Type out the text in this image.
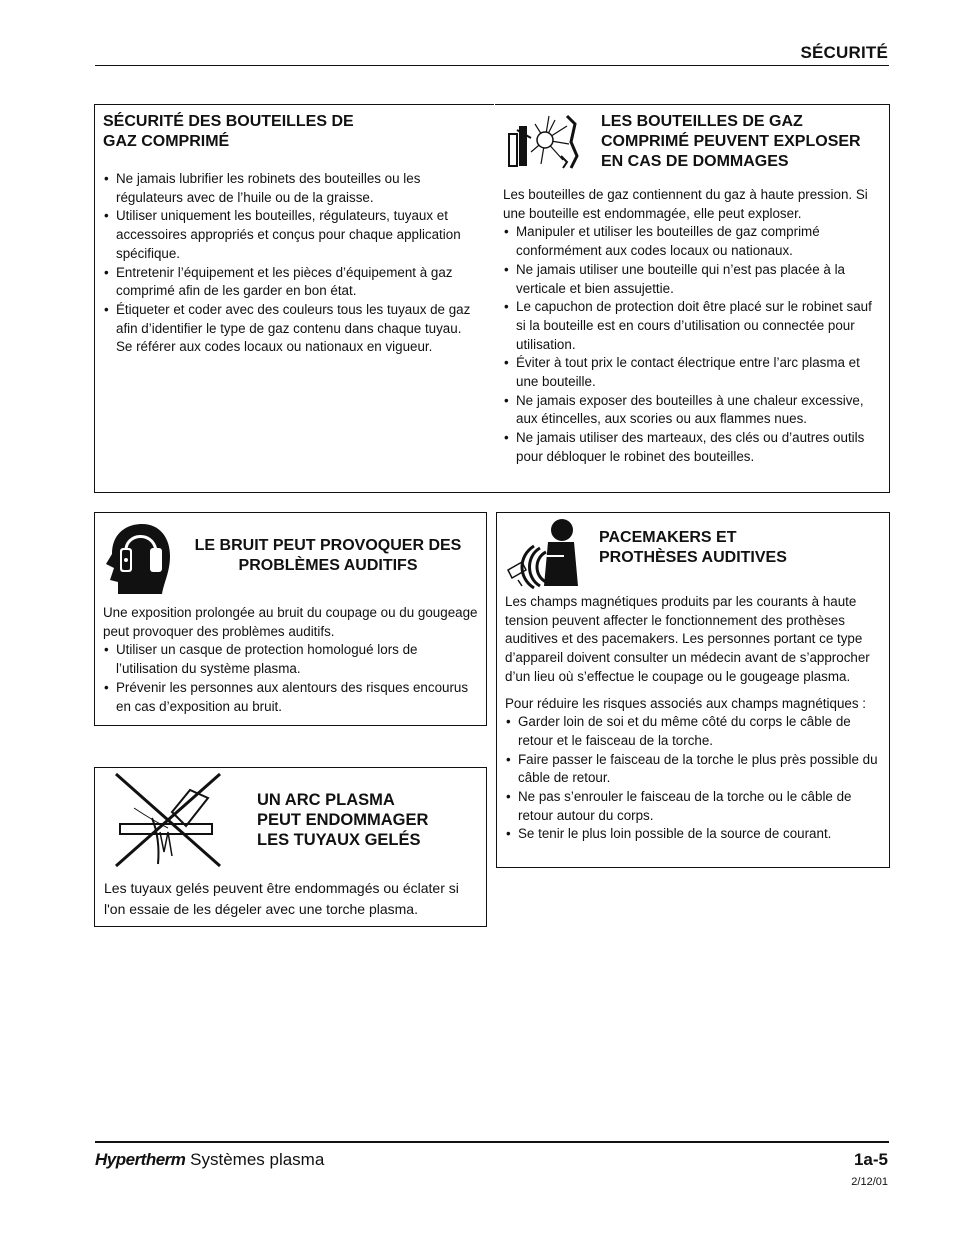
SÉCURITÉ
SÉCURITÉ DES BOUTEILLES DE
GAZ COMPRIMÉ
• Ne jamais lubrifier les robinets des bouteilles ou les régulateurs avec de l’huile ou de la graisse.
• Utiliser uniquement les bouteilles, régulateurs, tuyaux et accessoires appropriés et conçus pour chaque application spécifique.
• Entretenir l’équipement et les pièces d’équipement à gaz comprimé afin de les garder en bon état.
• Étiqueter et coder avec des couleurs tous les tuyaux de gaz afin d’identifier le type de gaz contenu dans chaque tuyau. Se référer aux codes locaux ou nationaux en vigueur.
LES BOUTEILLES DE GAZ
COMPRIMÉ PEUVENT EXPLOSER
EN CAS DE DOMMAGES

Les bouteilles de gaz contiennent du gaz à haute pression. Si une bouteille est endommagée, elle peut exploser.

• Manipuler et utiliser les bouteilles de gaz comprimé conformément aux codes locaux ou nationaux.
• Ne jamais utiliser une bouteille qui n’est pas placée à la verticale et bien assujettie.
• Le capuchon de protection doit être placé sur le robinet sauf si la bouteille est en cours d’utilisation ou connectée pour utilisation.
• Éviter à tout prix le contact électrique entre l’arc plasma et une bouteille.
• Ne jamais exposer des bouteilles à une chaleur excessive, aux étincelles, aux scories ou aux flammes nues.
• Ne jamais utiliser des marteaux, des clés ou d’autres outils pour débloquer le robinet des bouteilles.
LE BRUIT PEUT PROVOQUER DES
PROBLÈMES AUDITIFS

Une exposition prolongée au bruit du coupage ou du gougeage peut provoquer des problèmes auditifs.

• Utiliser un casque de protection homologué lors de l’utilisation du système plasma.
• Prévenir les personnes aux alentours des risques encourus en cas d’exposition au bruit.
PACEMAKERS ET
PROTHÈSES AUDITIVES

Les champs magnétiques produits par les courants à haute tension peuvent affecter le fonctionnement des prothèses auditives et des pacemakers. Les personnes portant ce type d’appareil doivent consulter un médecin avant de s’approcher d’un lieu où s’effectue le coupage ou le gougeage plasma.

Pour réduire les risques associés aux champs magnétiques :

• Garder loin de soi et du même côté du corps le câble de retour et le faisceau de la torche.
• Faire passer le faisceau de la torche le plus près possible du câble de retour.
• Ne pas s’enrouler le faisceau de la torche ou le câble de retour autour du corps.
• Se tenir le plus loin possible de la source de courant.
UN ARC PLASMA
PEUT ENDOMMAGER
LES TUYAUX GELÉS

Les tuyaux gelés peuvent être endommagés ou éclater si l'on essaie de les dégeler avec une torche plasma.

Hypertherm Systèmes plasma	1a-5
2/12/01
